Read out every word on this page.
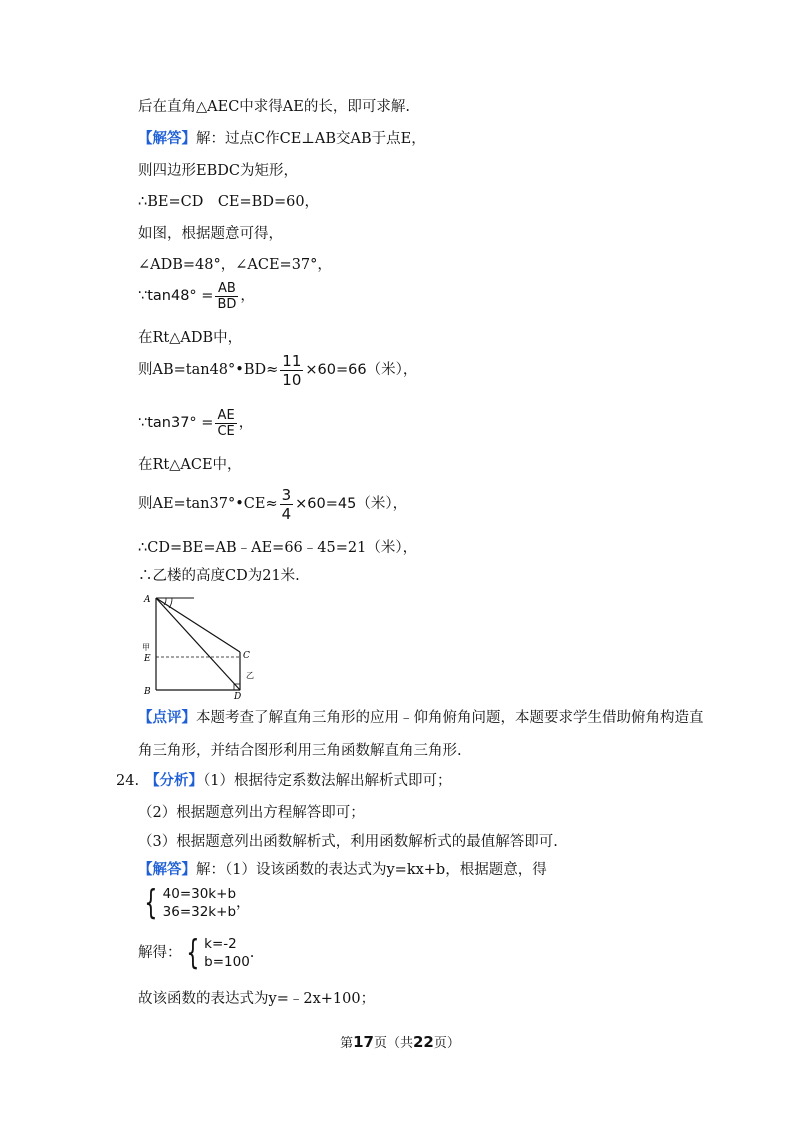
后在直角△AEC中求得AE的长，即可求解.
【解答】解：过点C作CE⊥AB交AB于点E，
则四边形EBDC为矩形，
∴BE=CD　CE=BD=60，
如图，根据题意可得，
∠ADB=48°，∠ACE=37°，
∵tan48° = $\frac{AB}{BD}$ ，
在Rt△ADB中，
则AB=tan48°•BD≈ $\frac{11}{10} \times 60=66$（米），
∵tan37° = $\frac{AE}{CE}$ ，
在Rt△ACE中，
则AE=tan37°•CE≈ $\frac{3}{4} \times 60=45$（米），
∴CD=BE=AB﹣AE=66﹣45=21（米），
∴乙楼的高度CD为21米.
A
甲
E
B
C
乙
D
【点评】本题考查了解直角三角形的应用﹣仰角俯角问题，本题要求学生借助俯角构造直
角三角形，并结合图形利用三角函数解直角三角形.
24. 【分析】（1）根据待定系数法解出解析式即可；
（2）根据题意列出方程解答即可；
（3）根据题意列出函数解析式，利用函数解析式的最值解答即可.
【解答】解：（1）设该函数的表达式为y=kx+b，根据题意，得
{ 40=30k+b
36=32k+b
，
解得： { k=-2
b=100
.
故该函数的表达式为y=﹣2x+100；
第17页（共22页）
